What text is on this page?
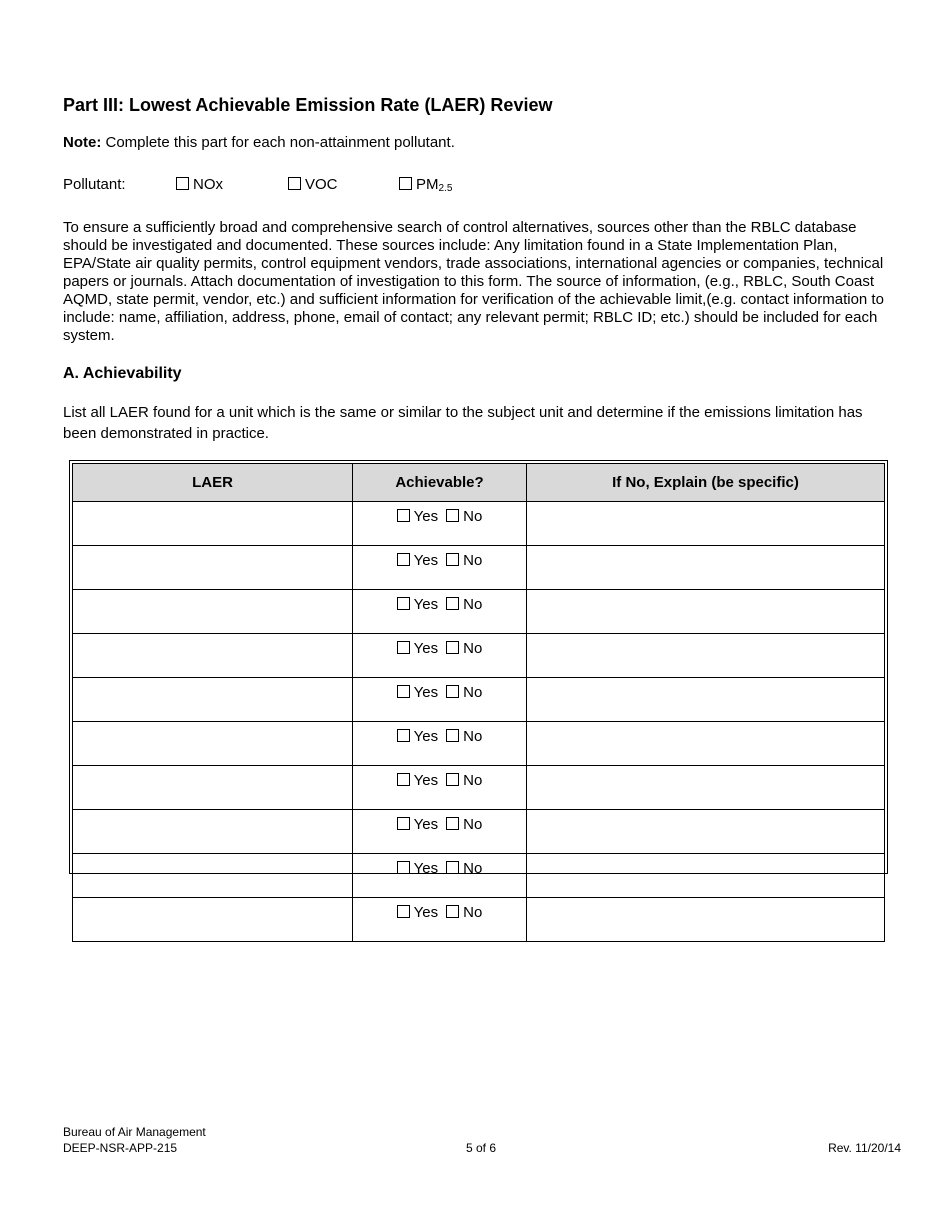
Part III: Lowest Achievable Emission Rate (LAER) Review
Note: Complete this part for each non-attainment pollutant.
Pollutant:	NOx	VOC	$PM_{2.5}$
To ensure a sufficiently broad and comprehensive search of control alternatives, sources other than the RBLC database should be investigated and documented. These sources include: Any limitation found in a State Implementation Plan, EPA/State air quality permits, control equipment vendors, trade associations, international agencies or companies, technical papers or journals. Attach documentation of investigation to this form. The source of information, (e.g., RBLC, South Coast AQMD, state permit, vendor, etc.) and sufficient information for verification of the achievable limit,(e.g. contact information to include: name, affiliation, address, phone, email of contact; any relevant permit; RBLC ID; etc.) should be included for each system.
A. Achievability
List all LAER found for a unit which is the same or similar to the subject unit and determine if the emissions limitation has been demonstrated in practice.
LAER	Achievable?	If No, Explain (be specific)
	Yes No	
	Yes No	
	Yes No	
	Yes No	
	Yes No	
	Yes No	
	Yes No	
	Yes No	
	Yes No	
	Yes No	
Bureau of Air Management
DEEP-NSR-APP-215	5 of 6	Rev. 11/20/14
